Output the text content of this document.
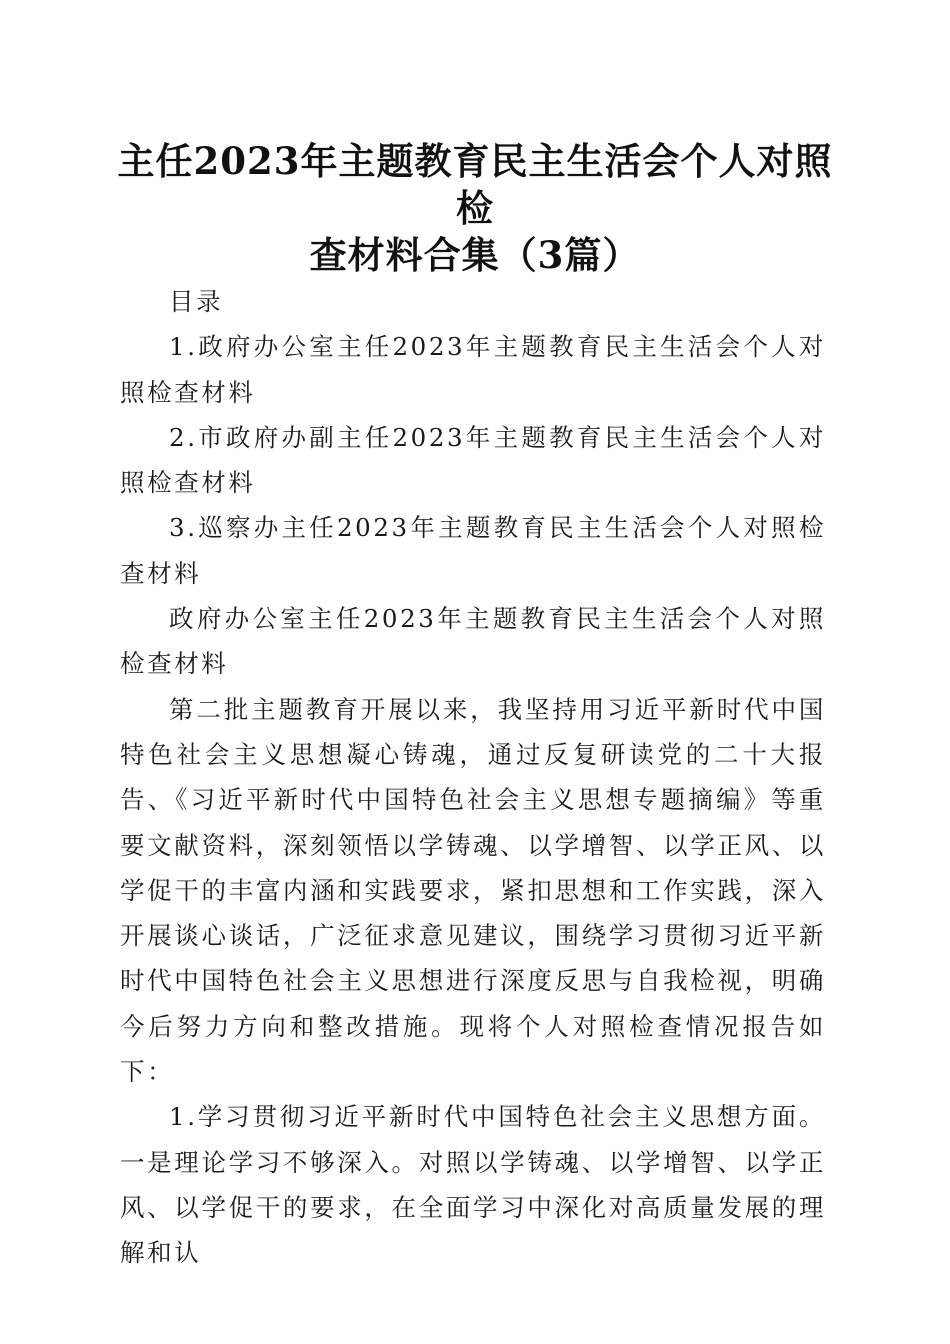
主任2023年主题教育民主生活会个人对照检
查材料合集（3篇）

目录

1.政府办公室主任2023年主题教育民主生活会个人对照检查材料

2.市政府办副主任2023年主题教育民主生活会个人对照检查材料

3.巡察办主任2023年主题教育民主生活会个人对照检查材料

政府办公室主任2023年主题教育民主生活会个人对照检查材料

第二批主题教育开展以来，我坚持用习近平新时代中国特色社会主义思想凝心铸魂，通过反复研读党的二十大报告、《习近平新时代中国特色社会主义思想专题摘编》等重要文献资料，深刻领悟以学铸魂、以学增智、以学正风、以学促干的丰富内涵和实践要求，紧扣思想和工作实践，深入开展谈心谈话，广泛征求意见建议，围绕学习贯彻习近平新时代中国特色社会主义思想进行深度反思与自我检视，明确今后努力方向和整改措施。现将个人对照检查情况报告如下：

1.学习贯彻习近平新时代中国特色社会主义思想方面。一是理论学习不够深入。对照以学铸魂、以学增智、以学正风、以学促干的要求，在全面学习中深化对高质量发展的理解和认
